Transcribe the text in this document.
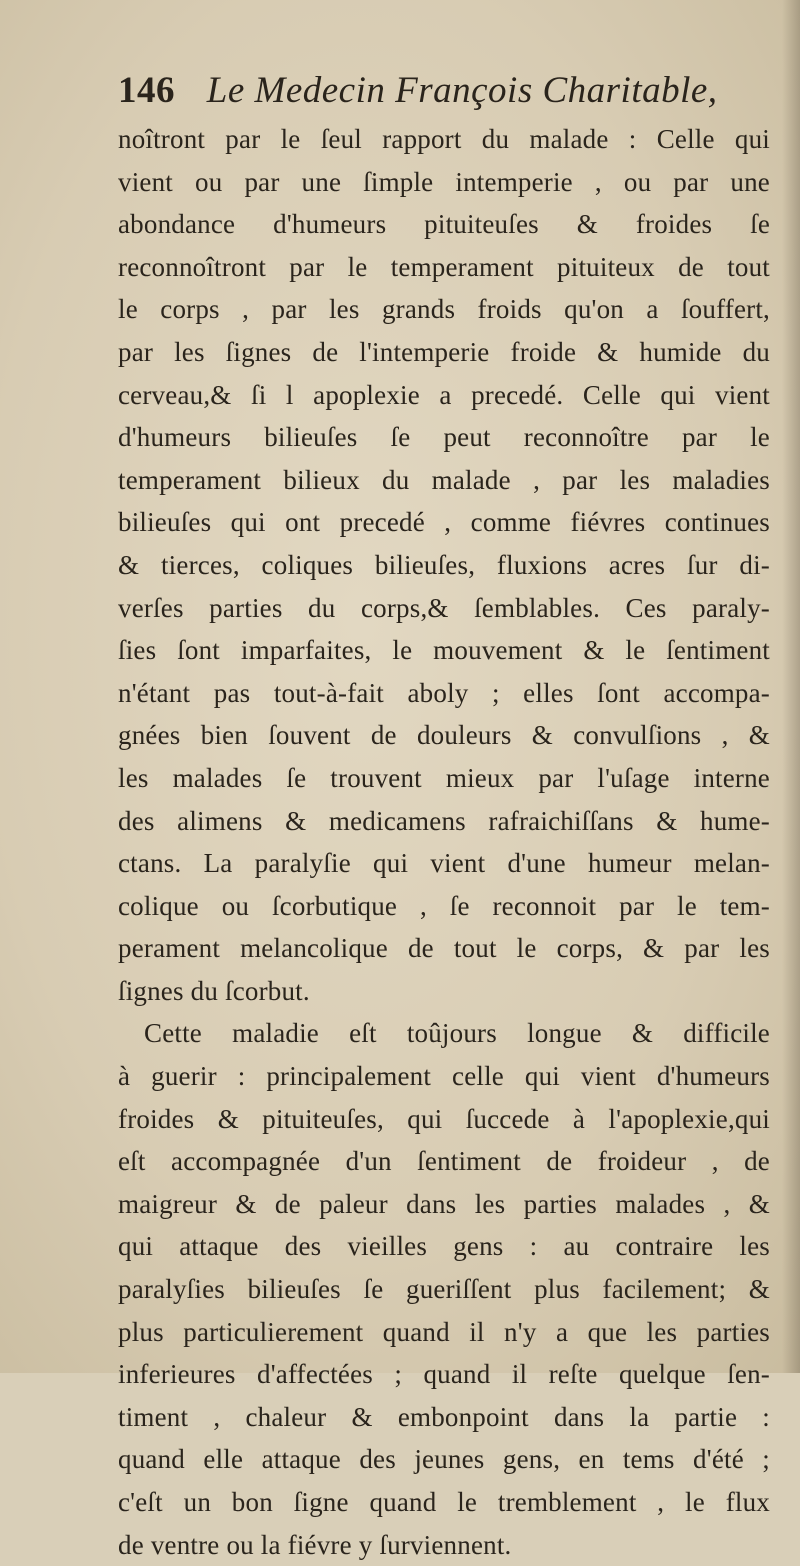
146 Le Medecin François Charitable,
noîtront par le ſeul rapport du malade : Celle qui
vient ou par une ſimple intemperie , ou par une
abondance d'humeurs pituiteuſes & froides ſe
reconnoîtront par le temperament pituiteux de tout
le corps , par les grands froids qu'on a ſouffert,
par les ſignes de l'intemperie froide & humide du
cerveau,& ſi l apoplexie a precedé. Celle qui vient
d'humeurs bilieuſes ſe peut reconnoître par le
temperament bilieux du malade , par les maladies
bilieuſes qui ont precedé , comme fiévres continues
& tierces, coliques bilieuſes, fluxions acres ſur di-
verſes parties du corps,& ſemblables. Ces paraly-
ſies ſont imparfaites, le mouvement & le ſentiment
n'étant pas tout-à-fait aboly ; elles ſont accompa-
gnées bien ſouvent de douleurs & convulſions , &
les malades ſe trouvent mieux par l'uſage interne
des alimens & medicamens rafraichiſſans & hume-
ctans. La paralyſie qui vient d'une humeur melan-
colique ou ſcorbutique , ſe reconnoit par le tem-
perament melancolique de tout le corps, & par les
ſignes du ſcorbut.
Cette maladie eſt toûjours longue & difficile
à guerir : principalement celle qui vient d'humeurs
froides & pituiteuſes, qui ſuccede à l'apoplexie,qui
eſt accompagnée d'un ſentiment de froideur , de
maigreur & de paleur dans les parties malades , &
qui attaque des vieilles gens : au contraire les
paralyſies bilieuſes ſe gueriſſent plus facilement; &
plus particulierement quand il n'y a que les parties
inferieures d'affectées ; quand il reſte quelque ſen-
timent , chaleur & embonpoint dans la partie :
quand elle attaque des jeunes gens, en tems d'été ;
c'eſt un bon ſigne quand le tremblement , le flux
de ventre ou la fiévre y ſurviennent.
